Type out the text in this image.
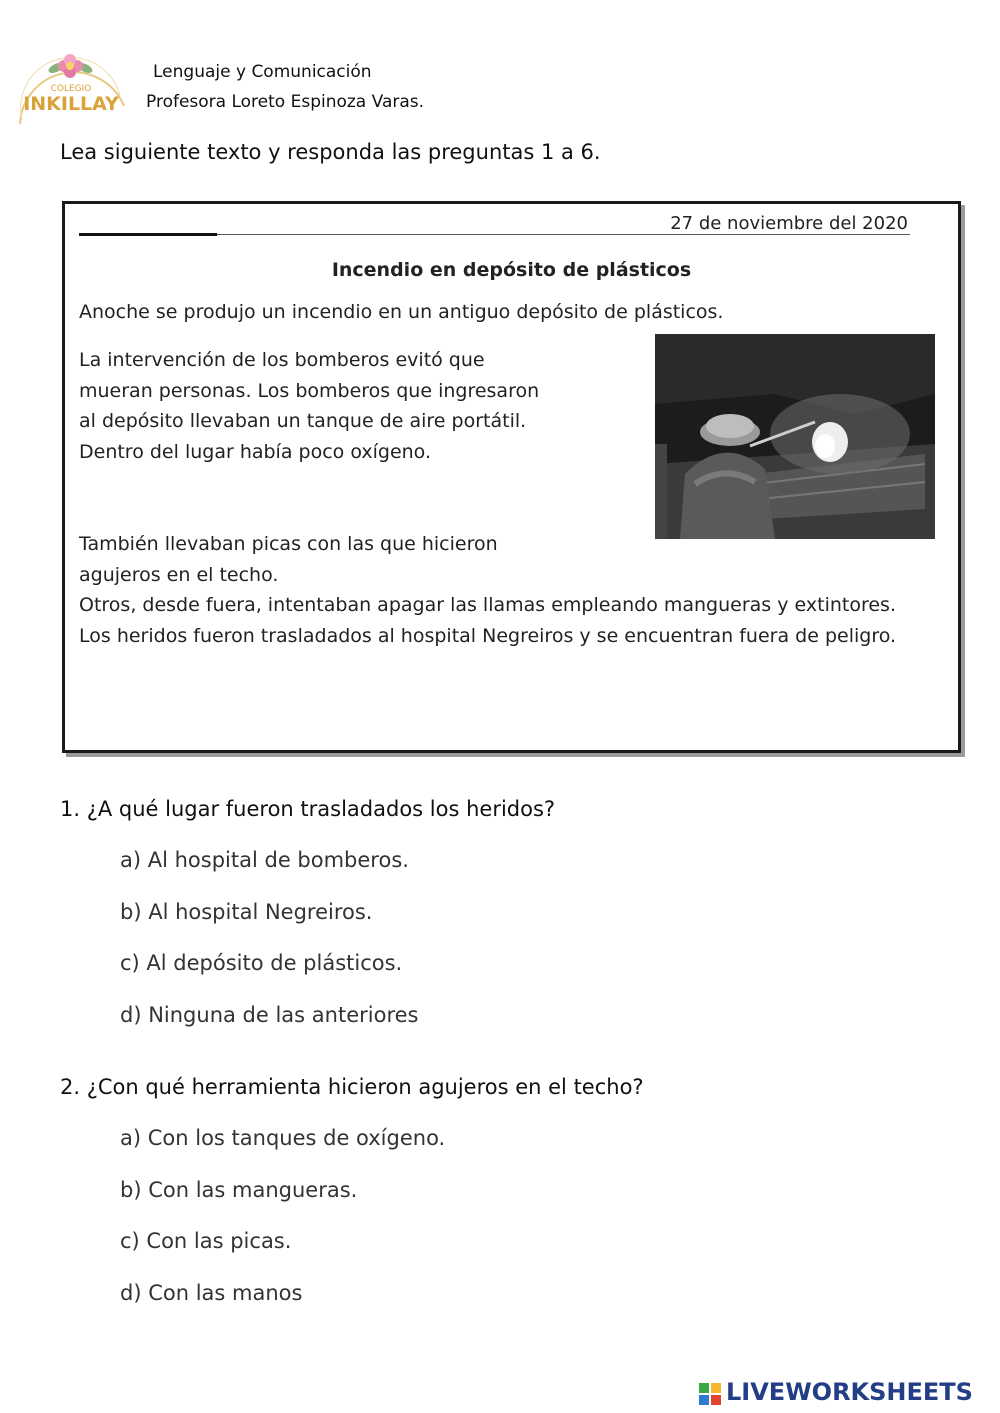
COLEGIO
INKILLAY
Lenguaje y Comunicación
Profesora Loreto Espinoza Varas.
Lea siguiente texto y responda las preguntas 1 a 6.
27 de noviembre del 2020
Incendio en depósito de plásticos
Anoche se produjo un incendio en un antiguo depósito de plásticos.
La intervención de los bomberos evitó que mueran personas. Los bomberos que ingresaron al depósito llevaban un tanque de aire portátil. Dentro del lugar había poco oxígeno.
También llevaban picas con las que hicieron agujeros en el techo.
Otros, desde fuera, intentaban apagar las llamas empleando mangueras y extintores.
Los heridos fueron trasladados al hospital Negreiros y se encuentran fuera de peligro.
1. ¿A qué lugar fueron trasladados los heridos?
a) Al hospital de bomberos.
b) Al hospital Negreiros.
c) Al depósito de plásticos.
d) Ninguna de las anteriores
2. ¿Con qué herramienta hicieron agujeros en el techo?
a) Con los tanques de oxígeno.
b) Con las mangueras.
c) Con las picas.
d) Con las manos
LIVEWORKSHEETS
